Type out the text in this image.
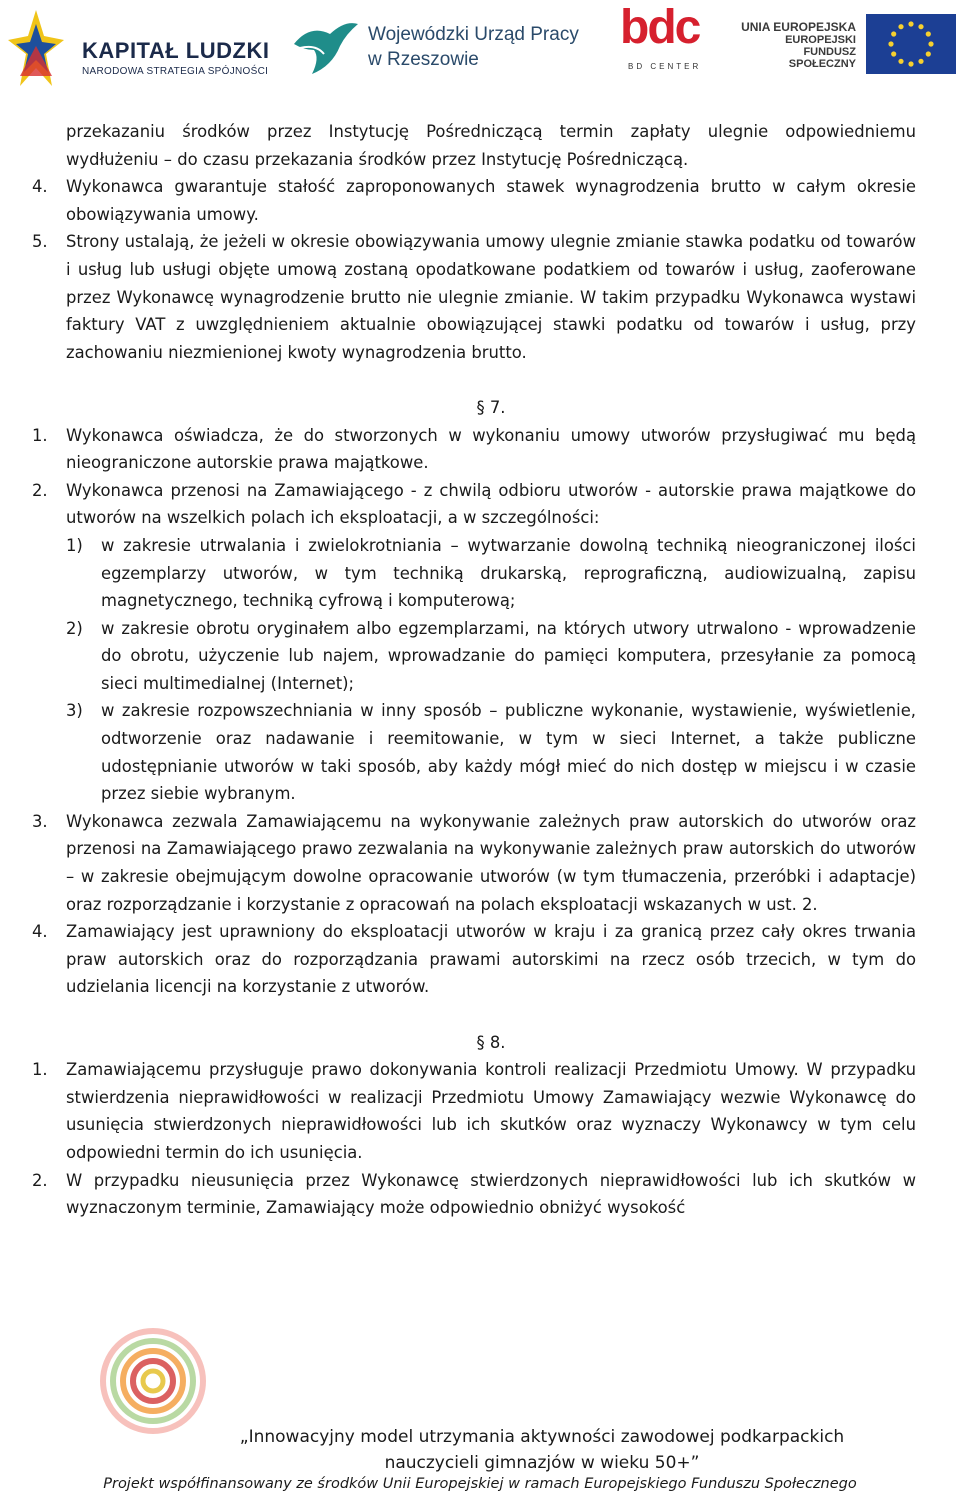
KAPITAŁ LUDZKI
NARODOWA STRATEGIA SPÓJNOŚCI
Wojewódzki Urząd Pracy
w Rzeszowie
bdc
BD CENTER
UNIA EUROPEJSKA
EUROPEJSKI
FUNDUSZ SPOŁECZNY

przekazaniu środków przez Instytucję Pośredniczącą termin zapłaty ulegnie odpowiedniemu wydłużeniu – do czasu przekazania środków przez Instytucję Pośredniczącą.

4. Wykonawca gwarantuje stałość zaproponowanych stawek wynagrodzenia brutto w całym okresie obowiązywania umowy.
5. Strony ustalają, że jeżeli w okresie obowiązywania umowy ulegnie zmianie stawka podatku od towarów i usług lub usługi objęte umową zostaną opodatkowane podatkiem od towarów i usług, zaoferowane przez Wykonawcę wynagrodzenie brutto nie ulegnie zmianie. W takim przypadku Wykonawca wystawi faktury VAT z uwzględnieniem aktualnie obowiązującej stawki podatku od towarów i usług, przy zachowaniu niezmienionej kwoty wynagrodzenia brutto.

§ 7.

1. Wykonawca oświadcza, że do stworzonych w wykonaniu umowy utworów przysługiwać mu będą nieograniczone autorskie prawa majątkowe.
2. Wykonawca przenosi na Zamawiającego - z chwilą odbioru utworów - autorskie prawa majątkowe do utworów na wszelkich polach ich eksploatacji, a w szczególności:
1) w zakresie utrwalania i zwielokrotniania – wytwarzanie dowolną techniką nieograniczonej ilości egzemplarzy utworów, w tym techniką drukarską, reprograficzną, audiowizualną, zapisu magnetycznego, techniką cyfrową i komputerową;
2) w zakresie obrotu oryginałem albo egzemplarzami, na których utwory utrwalono - wprowadzenie do obrotu, użyczenie lub najem, wprowadzanie do pamięci komputera, przesyłanie za pomocą sieci multimedialnej (Internet);
3) w zakresie rozpowszechniania w inny sposób – publiczne wykonanie, wystawienie, wyświetlenie, odtworzenie oraz nadawanie i reemitowanie, w tym w sieci Internet, a także publiczne udostępnianie utworów w taki sposób, aby każdy mógł mieć do nich dostęp w miejscu i w czasie przez siebie wybranym.
3. Wykonawca zezwala Zamawiającemu na wykonywanie zależnych praw autorskich do utworów oraz przenosi na Zamawiającego prawo zezwalania na wykonywanie zależnych praw autorskich do utworów – w zakresie obejmującym dowolne opracowanie utworów (w tym tłumaczenia, przeróbki i adaptacje) oraz rozporządzanie i korzystanie z opracowań na polach eksploatacji wskazanych w ust. 2.
4. Zamawiający jest uprawniony do eksploatacji utworów w kraju i za granicą przez cały okres trwania praw autorskich oraz do rozporządzania prawami autorskimi na rzecz osób trzecich, w tym do udzielania licencji na korzystanie z utworów.

§ 8.

1. Zamawiającemu przysługuje prawo dokonywania kontroli realizacji Przedmiotu Umowy. W przypadku stwierdzenia nieprawidłowości w realizacji Przedmiotu Umowy Zamawiający wezwie Wykonawcę do usunięcia stwierdzonych nieprawidłowości lub ich skutków oraz wyznaczy Wykonawcy w tym celu odpowiedni termin do ich usunięcia.
2. W przypadku nieusunięcia przez Wykonawcę stwierdzonych nieprawidłowości lub ich skutków w wyznaczonym terminie, Zamawiający może odpowiednio obniżyć wysokość
„Innowacyjny model utrzymania aktywności zawodowej podkarpackich
nauczycieli gimnazjów w wieku 50+”
Projekt współfinansowany ze środków Unii Europejskiej w ramach Europejskiego Funduszu Społecznego
